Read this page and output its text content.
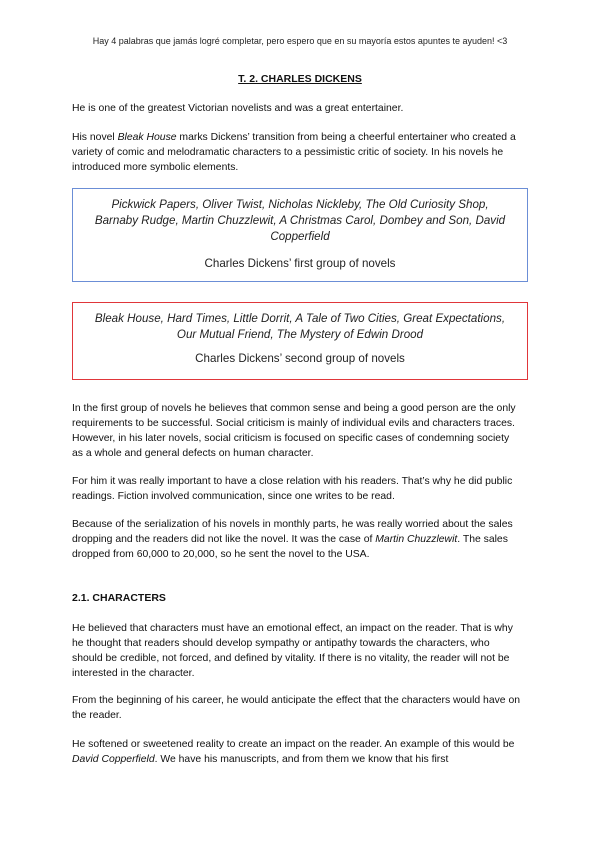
Hay 4 palabras que jamás logré completar, pero espero que en su mayoría estos apuntes te ayuden! <3
T. 2. CHARLES DICKENS

He is one of the greatest Victorian novelists and was a great entertainer.

His novel Bleak House marks Dickens’ transition from being a cheerful entertainer who created a variety of comic and melodramatic characters to a pessimistic critic of society. In his novels he introduced more symbolic elements.

Pickwick Papers, Oliver Twist, Nicholas Nickleby, The Old Curiosity Shop, Barnaby Rudge, Martin Chuzzlewit, A Christmas Carol, Dombey and Son, David Copperfield

Charles Dickens’ first group of novels

Bleak House, Hard Times, Little Dorrit, A Tale of Two Cities, Great Expectations, Our Mutual Friend, The Mystery of Edwin Drood

Charles Dickens’ second group of novels

In the first group of novels he believes that common sense and being a good person are the only requirements to be successful. Social criticism is mainly of individual evils and characters traces. However, in his later novels, social criticism is focused on specific cases of condemning society as a whole and general defects on human character.

For him it was really important to have a close relation with his readers. That’s why he did public readings. Fiction involved communication, since one writes to be read.

Because of the serialization of his novels in monthly parts, he was really worried about the sales dropping and the readers did not like the novel. It was the case of Martin Chuzzlewit. The sales dropped from 60,000 to 20,000, so he sent the novel to the USA.

2.1. CHARACTERS

He believed that characters must have an emotional effect, an impact on the reader. That is why he thought that readers should develop sympathy or antipathy towards the characters, who should be credible, not forced, and defined by vitality. If there is no vitality, the reader will not be interested in the character.

From the beginning of his career, he would anticipate the effect that the characters would have on the reader.

He softened or sweetened reality to create an impact on the reader. An example of this would be David Copperfield. We have his manuscripts, and from them we know that his first
